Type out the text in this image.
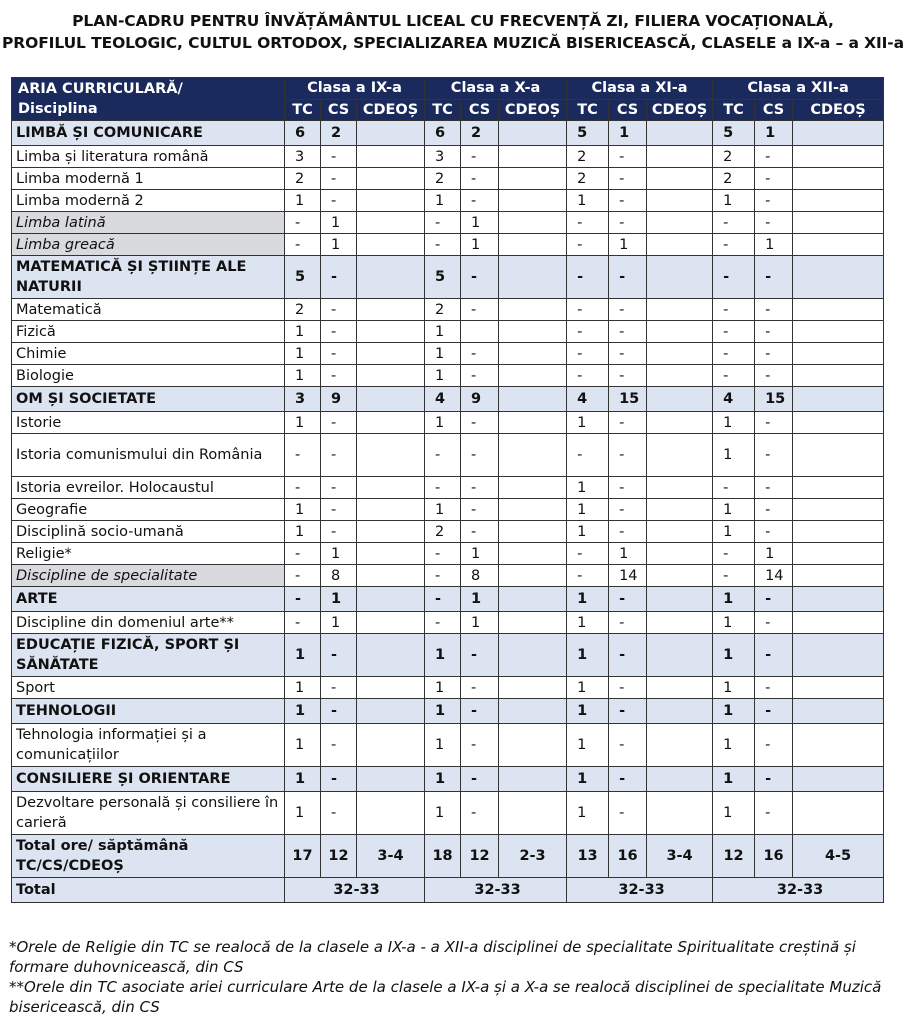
PLAN-CADRU PENTRU ÎNVĂȚĂMÂNTUL LICEAL CU FRECVENȚĂ ZI, FILIERA VOCAȚIONALĂ,
PROFILUL TEOLOGIC, CULTUL ORTODOX, SPECIALIZAREA MUZICĂ BISERICEASCĂ, CLASELE a IX-a – a XII-a
ARIA CURRICULARĂ/
Disciplina	Clasa a IX-a			Clasa a X-a			Clasa a XI-a			Clasa a XII-a		
	TC	CS	CDEOȘ	TC	CS	CDEOȘ	TC	CS	CDEOȘ	TC	CS	CDEOȘ
LIMBĂ ȘI COMUNICARE	6	2		6	2		5	1		5	1	
Limba și literatura română	3	-		3	-		2	-		2	-	
Limba modernă 1	2	-		2	-		2	-		2	-	
Limba modernă 2	1	-		1	-		1	-		1	-	
Limba latină	-	1		-	1		-	-		-	-	
Limba greacă	-	1		-	1		-	1		-	1	
MATEMATICĂ ȘI ȘTIINȚE ALE NATURII	5	-		5	-		-	-		-	-	
Matematică	2	-		2	-		-	-		-	-	
Fizică	1	-		1			-	-		-	-	
Chimie	1	-		1	-		-	-		-	-	
Biologie	1	-		1	-		-	-		-	-	
OM ȘI SOCIETATE	3	9		4	9		4	15		4	15	
Istorie	1	-		1	-		1	-		1	-	
Istoria comunismului din România	-	-		-	-		-	-		1	-	
Istoria evreilor. Holocaustul	-	-		-	-		1	-		-	-	
Geografie	1	-		1	-		1	-		1	-	
Disciplină socio-umană	1	-		2	-		1	-		1	-	
Religie*	-	1		-	1		-	1		-	1	
Discipline de specialitate	-	8		-	8		-	14		-	14	
ARTE	-	1		-	1		1	-		1	-	
Discipline din domeniul arte**	-	1		-	1		1	-		1	-	
EDUCAȚIE FIZICĂ, SPORT ȘI SĂNĂTATE	1	-		1	-		1	-		1	-	
Sport	1	-		1	-		1	-		1	-	
TEHNOLOGII	1	-		1	-		1	-		1	-	
Tehnologia informației și a comunicațiilor	1	-		1	-		1	-		1	-	
CONSILIERE ȘI ORIENTARE	1	-		1	-		1	-		1	-	
Dezvoltare personală și consiliere în carieră	1	-		1	-		1	-		1	-	
Total ore/ săptămână TC/CS/CDEOȘ	17	12	3-4	18	12	2-3	13	16	3-4	12	16	4-5
Total	32-33			32-33			32-33			32-33		

*Orele de Religie din TC se realocă de la clasele a IX-a - a XII-a disciplinei de specialitate Spiritualitate creștină și formare duhovnicească, din CS

**Orele din TC asociate ariei curriculare Arte de la clasele a IX-a și a X-a se realocă disciplinei de specialitate Muzică bisericească, din CS
